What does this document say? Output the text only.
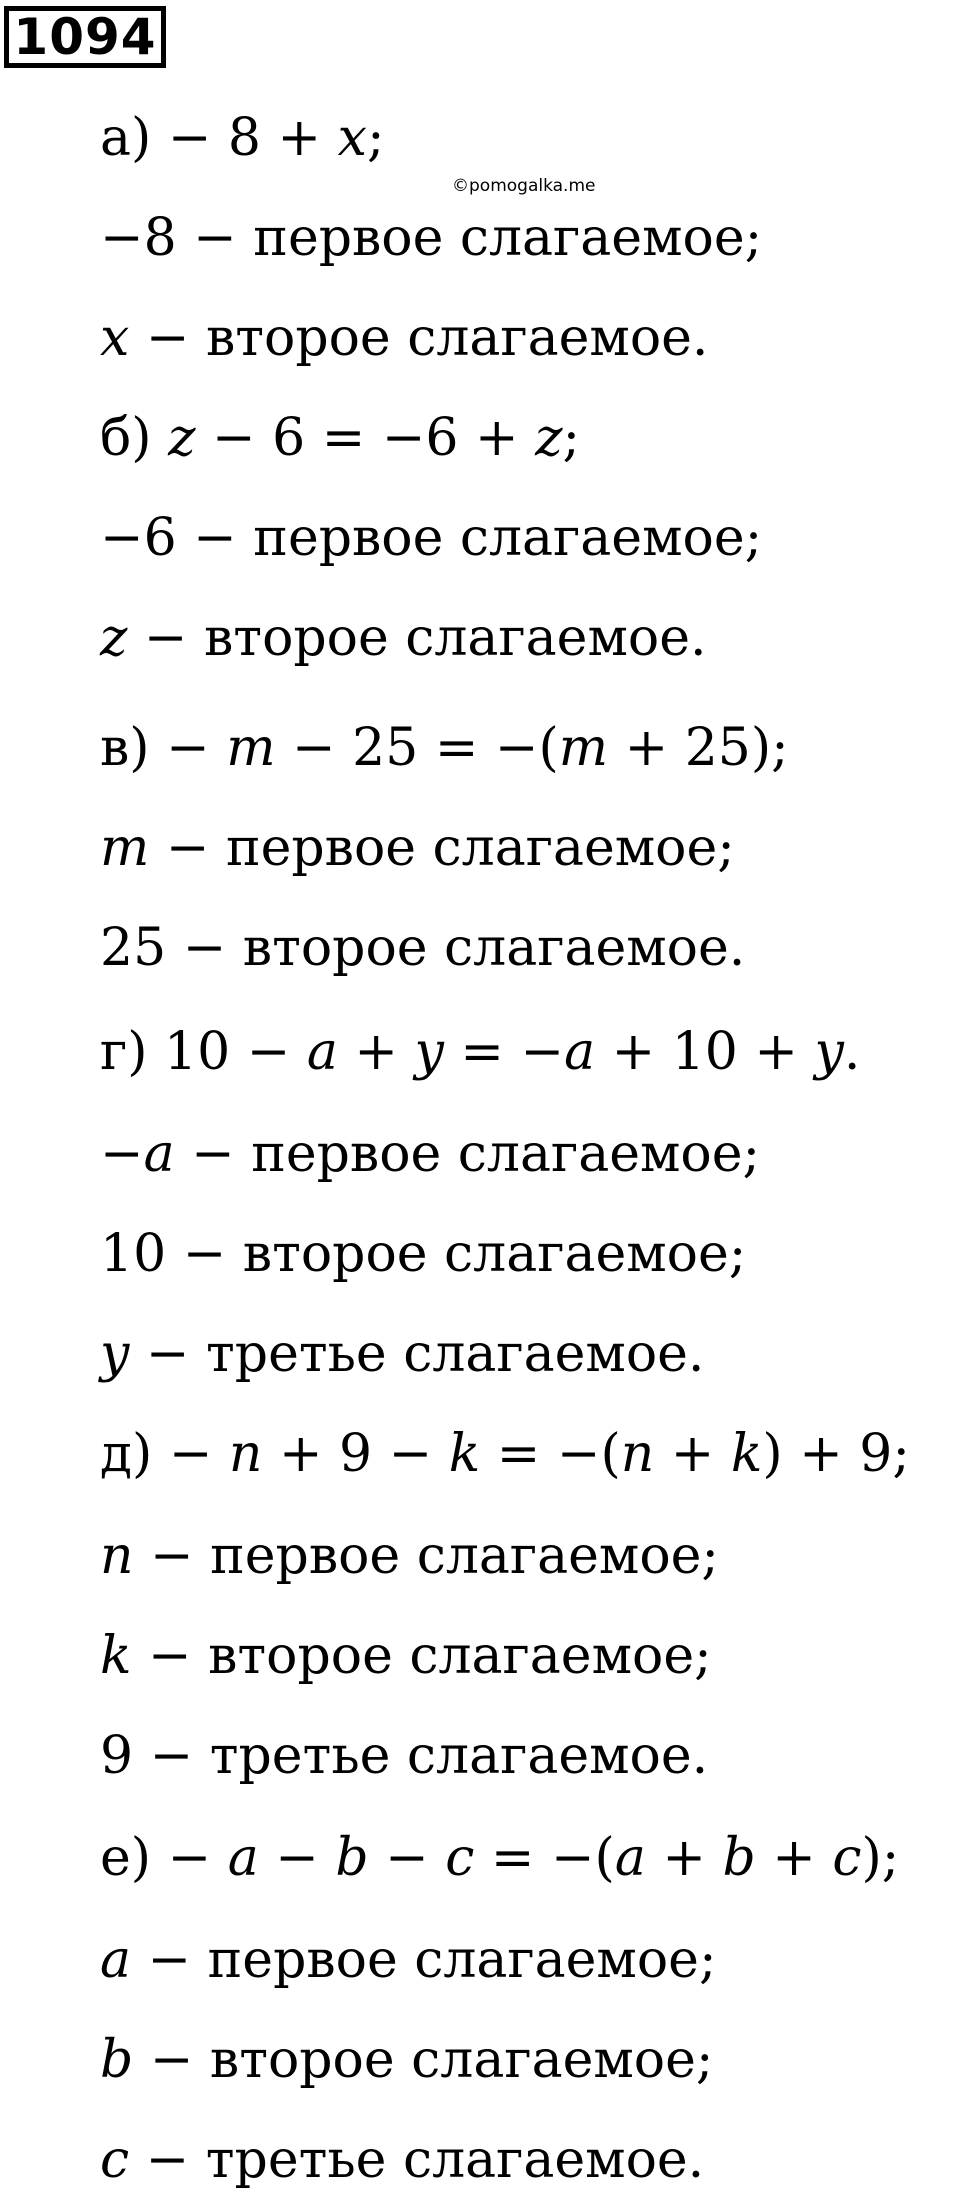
1094
©pomogalka.me
а) − 8 + 𝑥;
−8 − первое слагаемое;
𝑥 − второе слагаемое.
б) 𝑧 − 6 = −6 + 𝑧;
−6 − первое слагаемое;
𝑧 − второе слагаемое.
в) − 𝑚 − 25 = −(𝑚 + 25);
𝑚 − первое слагаемое;
25 − второе слагаемое.
г) 10 − 𝑎 + 𝑦 = −𝑎 + 10 + 𝑦.
−𝑎 − первое слагаемое;
10 − второе слагаемое;
𝑦 − третье слагаемое.
д) − 𝑛 + 9 − 𝑘 = −(𝑛 + 𝑘) + 9;
𝑛 − первое слагаемое;
𝑘 − второе слагаемое;
9 − третье слагаемое.
е) − 𝑎 − 𝑏 − 𝑐 = −(𝑎 + 𝑏 + 𝑐);
𝑎 − первое слагаемое;
𝑏 − второе слагаемое;
𝑐 − третье слагаемое.
